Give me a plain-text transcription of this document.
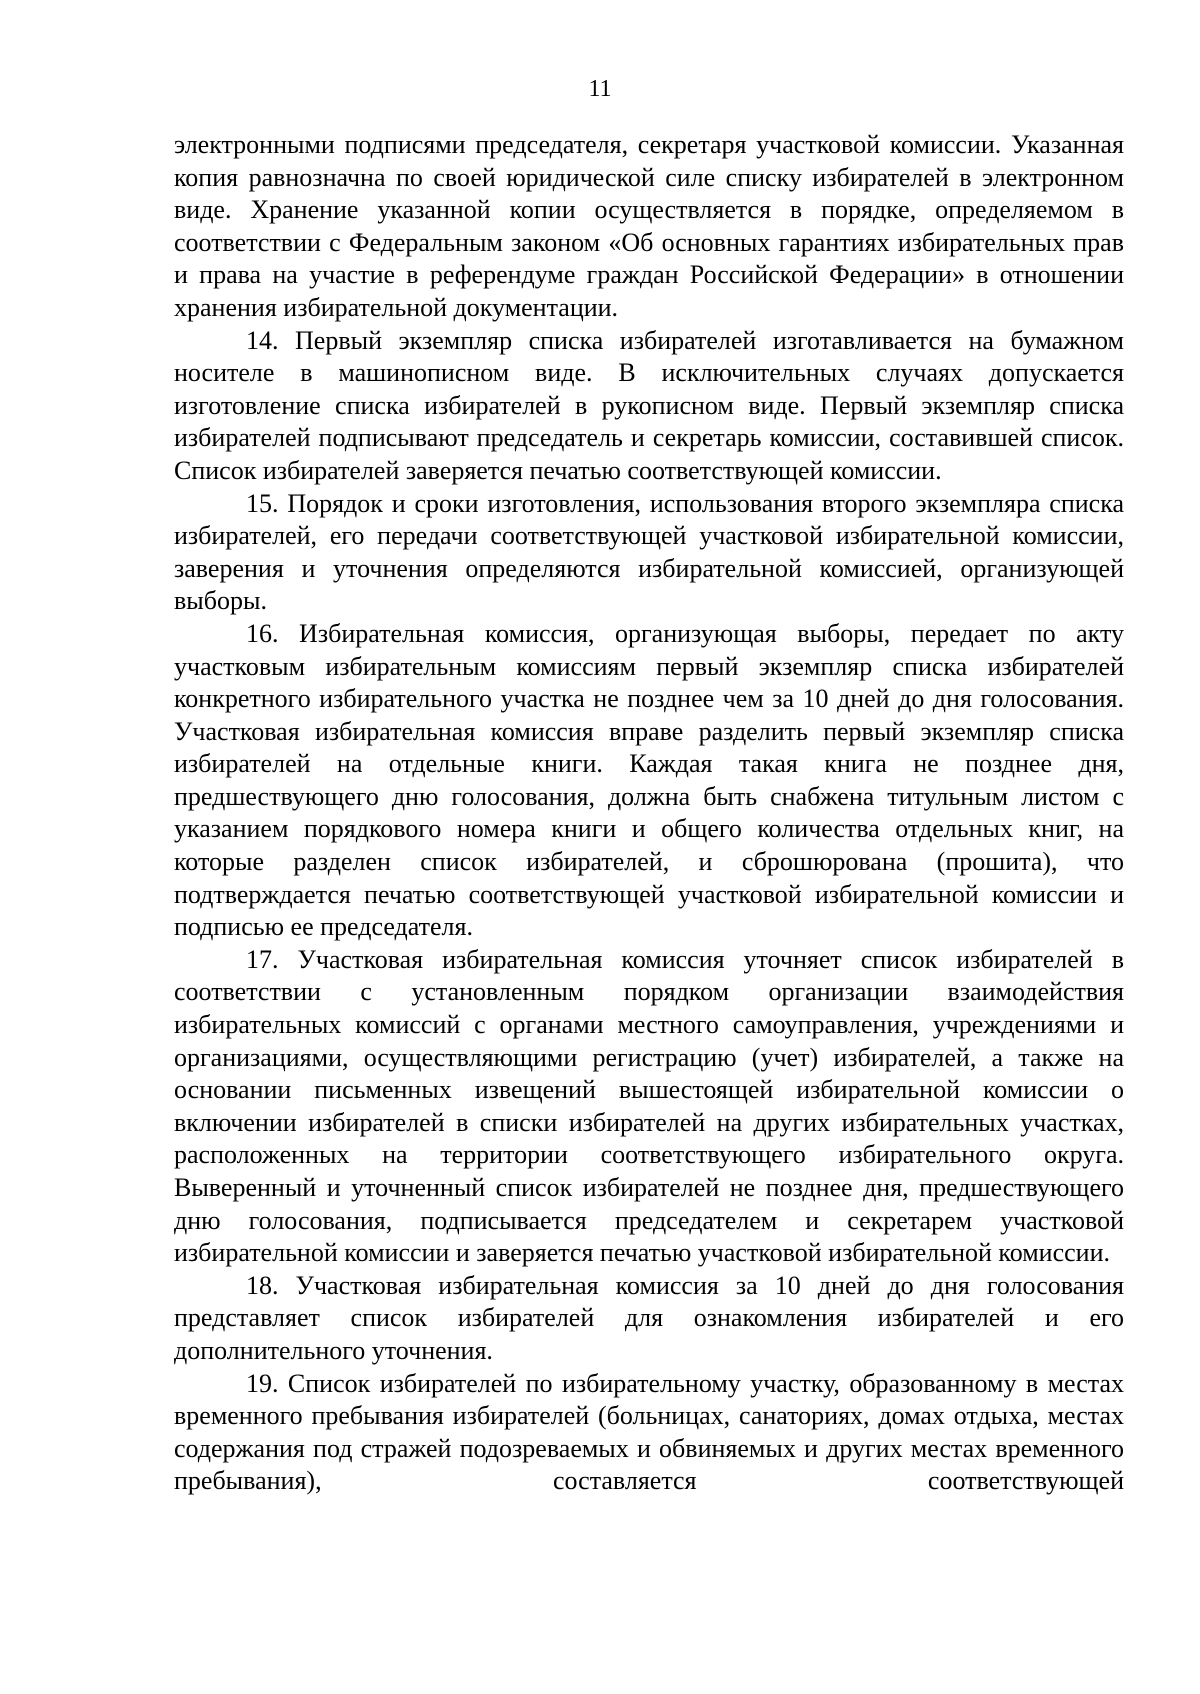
11

электронными подписями председателя, секретаря участковой комиссии. Указанная копия равнозначна по своей юридической силе списку избирателей в электронном виде. Хранение указанной копии осуществляется в порядке, определяемом в соответствии с Федеральным законом «Об основных гарантиях избирательных прав и права на участие в референдуме граждан Российской Федерации» в отношении хранения избирательной документации.

14. Первый экземпляр списка избирателей изготавливается на бумажном носителе в машинописном виде. В исключительных случаях допускается изготовление списка избирателей в рукописном виде. Первый экземпляр списка избирателей подписывают председатель и секретарь комиссии, составившей список. Список избирателей заверяется печатью соответствующей комиссии.

15. Порядок и сроки изготовления, использования второго экземпляра списка избирателей, его передачи соответствующей участковой избирательной комиссии, заверения и уточнения определяются избирательной комиссией, организующей выборы.

16. Избирательная комиссия, организующая выборы, передает по акту участковым избирательным комиссиям первый экземпляр списка избирателей конкретного избирательного участка не позднее чем за 10 дней до дня голосования. Участковая избирательная комиссия вправе разделить первый экземпляр списка избирателей на отдельные книги. Каждая такая книга не позднее дня, предшествующего дню голосования, должна быть снабжена титульным листом с указанием порядкового номера книги и общего количества отдельных книг, на которые разделен список избирателей, и сброшюрована (прошита), что подтверждается печатью соответствующей участковой избирательной комиссии и подписью ее председателя.

17. Участковая избирательная комиссия уточняет список избирателей в соответствии с установленным порядком организации взаимодействия избирательных комиссий с органами местного самоуправления, учреждениями и организациями, осуществляющими регистрацию (учет) избирателей, а также на основании письменных извещений вышестоящей избирательной комиссии о включении избирателей в списки избирателей на других избирательных участках, расположенных на территории соответствующего избирательного округа. Выверенный и уточненный список избирателей не позднее дня, предшествующего дню голосования, подписывается председателем и секретарем участковой избирательной комиссии и заверяется печатью участковой избирательной комиссии.

18. Участковая избирательная комиссия за 10 дней до дня голосования представляет список избирателей для ознакомления избирателей и его дополнительного уточнения.

19. Список избирателей по избирательному участку, образованному в местах временного пребывания избирателей (больницах, санаториях, домах отдыха, местах содержания под стражей подозреваемых и обвиняемых и других местах временного пребывания), составляется соответствующей
